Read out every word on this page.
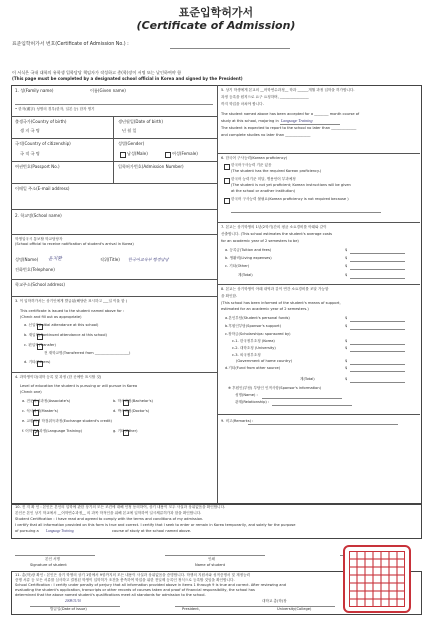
표준입학허가서
(Certificate of Admission)
표준입학허가서 번호(Certificate of Admission No.) :
이 서식은 국내 대학의 유학생 입학담당 책임자가 작성하고 총(학)장이 서명 또는 날인하여야 함
(This page must be completed by a designated school official in Korea and signed by the President)
1. 성(Family name)	이름(Given name)
• 한자(漢字) 성명의 경우(한자, 일본 등) 한자 명기
출생국가(Country of birth)	생년월일(Date of birth)
생 지 국 명	년 월 일
국적(Country of citizenship)	성별(Gender)
국 적 국 명	남성(Male)	여성(Female)
여권번호(Passport No.)	입학허가번호(Admission Number)
이메일 주소(E-mail address)
2. 학교명(School name)
학생입국시 통보할 학교담당자
(School official to receive notification of student's arrival in Korea)
성명(Name) 윤지환	직위(Title) 한국어교육부 행정담당
전화번호(Telephone)
학교주소(School address)
3. 이 입학허가서는 상기인에게 발급됨(해당란 표시하고 ___일 이율 함 )
This certificate is issued to the student named above for :
(Check and fill out as appropriate)
a. 신입학(Initial attendance at this school)
b. 재입학(Continued attendance at this school)
c. 편입학(Transfer)
전 재학교명(Transferred from ___________________)
d. 기타(Others)
4. 과학생이다(대학 등록 및 과정 (한 곳에만 표시할 것)
Level of education the student is pursuing or will pursue in Korea
(Check one)
a. 전문학사과정(Associate's)	b. 학사과정(Bachelor's)
c. 석사과정(Master's)	d. 박사과정(Doctor's)
e. 교환학생 학점취득과정(Exchange student's credit)
✓
f. 어학연수과정(Language Training)	g. 기타(Other)
5. 상기 학생에게 본교의 __어학연수과정__ 학과 ______개월 과정 입학을 허가합니다.
과정 등록을 원칙으로 요구 요청하며, ________________
까지 학업을 마쳐야 합니다.
The student named above has been accepted for a ________ month course of
study at this school, majoring in Language Training
The student is expected to report to the school no later than ______________
and complete studies no later than ______________
6. 한국어 구사능력(Korean proficiency)
한국어구사능력 기준 있음
(The student has the required Korean proficiency.)
한국어 능력기준 미달, 병용언어 부과예정
(The student is not yet proficient; Korean instructions will be given
at the school or another institution)
한국어 구사능력 불필요(Korean proficiency is not required because )
7. 본교는 상기학생의 1년(2학기)간의 평균 소요경비를 아래와 같이
산출합니다. (This school estimates the student's average costs
for an academic year of 2 semesters to be)
a. 등록금(Tuition and fees)	$
b. 생활비(Living expenses)	$
c. 기타(Other)	$
계(Total)	$
8. 본교는 상기학생이 아래 내역과 같이 연간 소요경비를 조달 가능함
을 확인함.
(This school has been informed of the student's means of support,
estimated for an academic year of 2 semesters.)
a.본인부담(Student's personal funds)	$
b.후원인부담(Sponsor's support)	$
c.장학금(Scholarships: sponsored by)
c-1. 한국정부초청 (Korea)	$
c-2. 대학초청 (University)	$
c-3. 외국정부초청
(Government of home country)	$
d.기타(Fund from other source)	$
계(Total)	$
※ 후원인(부담) 부담인 인적사항(Sponsor's information)
성명(Name) :
관계(Relationship) :
9. 비고(Remarks) :
10. 진 지 확 인 : 본인은 본인의 입학에 관한 상기의 모든 조건에 대해 인정 동의하여, 상기 내용이 모두 사실과 상위없음을 확인합니다.
본인은 본인 상기 학교에서 __어학연수과정__ 의 과목 학적인을 위해 본교에 입학하여 일시체류허가과 함을 확인합니다.
Student Certification : I have read and agreed to comply with the terms and conditions of my admission.
I certify that all information provided on this form is true and correct. I certify that I seek to enter or remain in Korea temporarily, and solely for the purpose
of pursuing a Language Training	course of study at the school named above.
본인 서명
Signature of student
인쇄
Name of student
11. 총(학)장 확인 : 본인은 상기 학생의 상기 1항에서 9항까지의 모든 내용이 사실과 상위없음을 증명합니다. 학생의 지원서와 성적증명서 및 재정능력
증명 서류 등 모든 서류를 심사하고 결정된 학생이 입학허가 조건을 충족하여 학업을 위한 전일제 등록인 정식으로 등록할 것임을 확인합니다.
School Certification : I certify under penalty of perjury that all information provided above in items 1 through 9 is true and correct. After reviewing and
evaluating the student's application, transcripts or other records of courses taken and proof of financial responsibility, the school has
determined that the above named student's qualifications meet all standards for admission to the school.
2008/11/10	대학교 총(학)장
발급일(Date of issue)	President,	University(College)
